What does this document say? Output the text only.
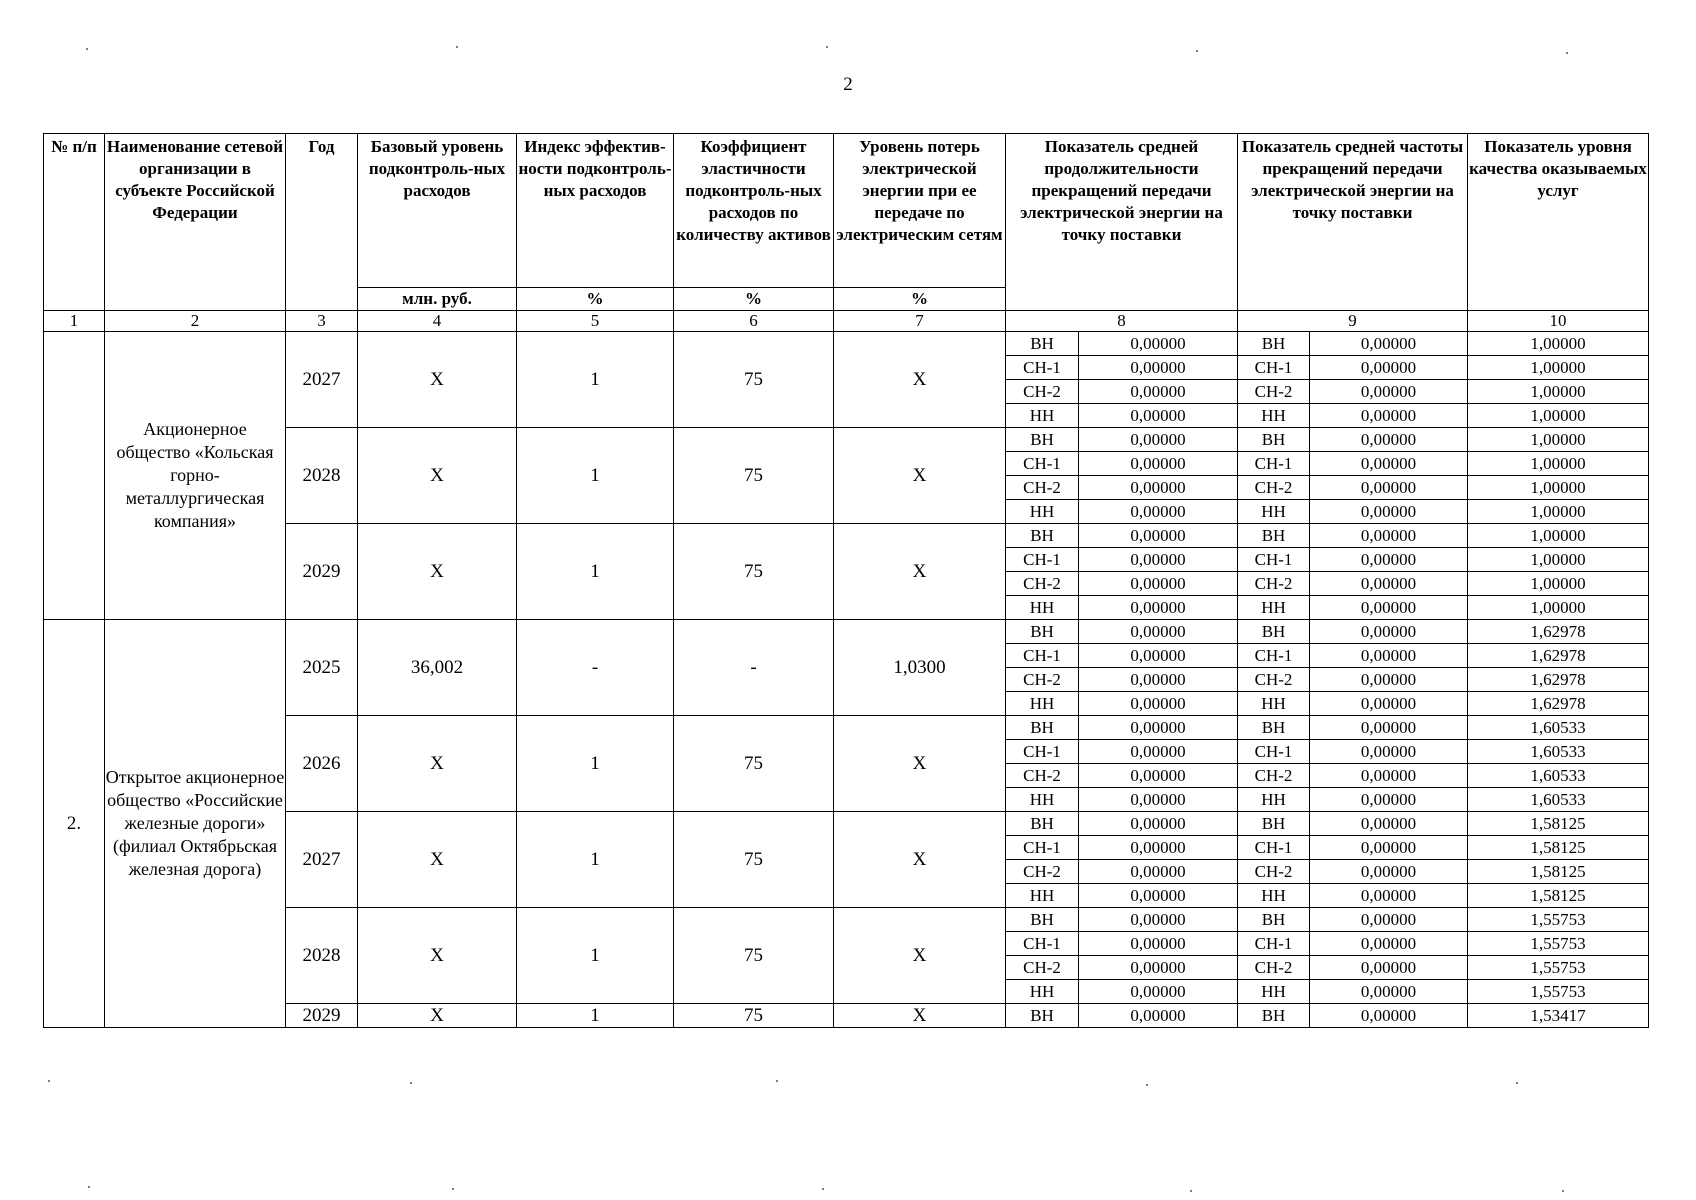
2
№ п/п	Наименование сетевой организации в субъекте Российской Федерации	Год	Базовый уровень подконтроль-ных расходов	Индекс эффектив-ности подконтроль-ных расходов	Коэффициент эластичности подконтроль-ных расходов по количеству активов	Уровень потерь электрической энергии при ее передаче по электрическим сетям	Показатель средней продолжительности прекращений передачи электрической энергии на точку поставки		Показатель средней частоты прекращений передачи электрической энергии на точку поставки		Показатель уровня качества оказываемых услуг
			млн. руб.	%	%	%					
1	2	3	4	5	6	7	8		9		10
	Акционерное общество «Кольская горно-металлургическая компания»	2027	Х	1	75	Х	ВН	0,00000	ВН	0,00000	1,00000
							СН-1	0,00000	СН-1	0,00000	1,00000
							СН-2	0,00000	СН-2	0,00000	1,00000
							НН	0,00000	НН	0,00000	1,00000
		2028	Х	1	75	Х	ВН	0,00000	ВН	0,00000	1,00000
							СН-1	0,00000	СН-1	0,00000	1,00000
							СН-2	0,00000	СН-2	0,00000	1,00000
							НН	0,00000	НН	0,00000	1,00000
		2029	Х	1	75	Х	ВН	0,00000	ВН	0,00000	1,00000
							СН-1	0,00000	СН-1	0,00000	1,00000
							СН-2	0,00000	СН-2	0,00000	1,00000
							НН	0,00000	НН	0,00000	1,00000
2.	Открытое акционерное общество «Российские железные дороги» (филиал Октябрьская железная дорога)	2025	36,002	-	-	1,0300	ВН	0,00000	ВН	0,00000	1,62978
							СН-1	0,00000	СН-1	0,00000	1,62978
							СН-2	0,00000	СН-2	0,00000	1,62978
							НН	0,00000	НН	0,00000	1,62978
		2026	Х	1	75	Х	ВН	0,00000	ВН	0,00000	1,60533
							СН-1	0,00000	СН-1	0,00000	1,60533
							СН-2	0,00000	СН-2	0,00000	1,60533
							НН	0,00000	НН	0,00000	1,60533
		2027	Х	1	75	Х	ВН	0,00000	ВН	0,00000	1,58125
							СН-1	0,00000	СН-1	0,00000	1,58125
							СН-2	0,00000	СН-2	0,00000	1,58125
							НН	0,00000	НН	0,00000	1,58125
		2028	Х	1	75	Х	ВН	0,00000	ВН	0,00000	1,55753
							СН-1	0,00000	СН-1	0,00000	1,55753
							СН-2	0,00000	СН-2	0,00000	1,55753
							НН	0,00000	НН	0,00000	1,55753
		2029	Х	1	75	Х	ВН	0,00000	ВН	0,00000	1,53417
